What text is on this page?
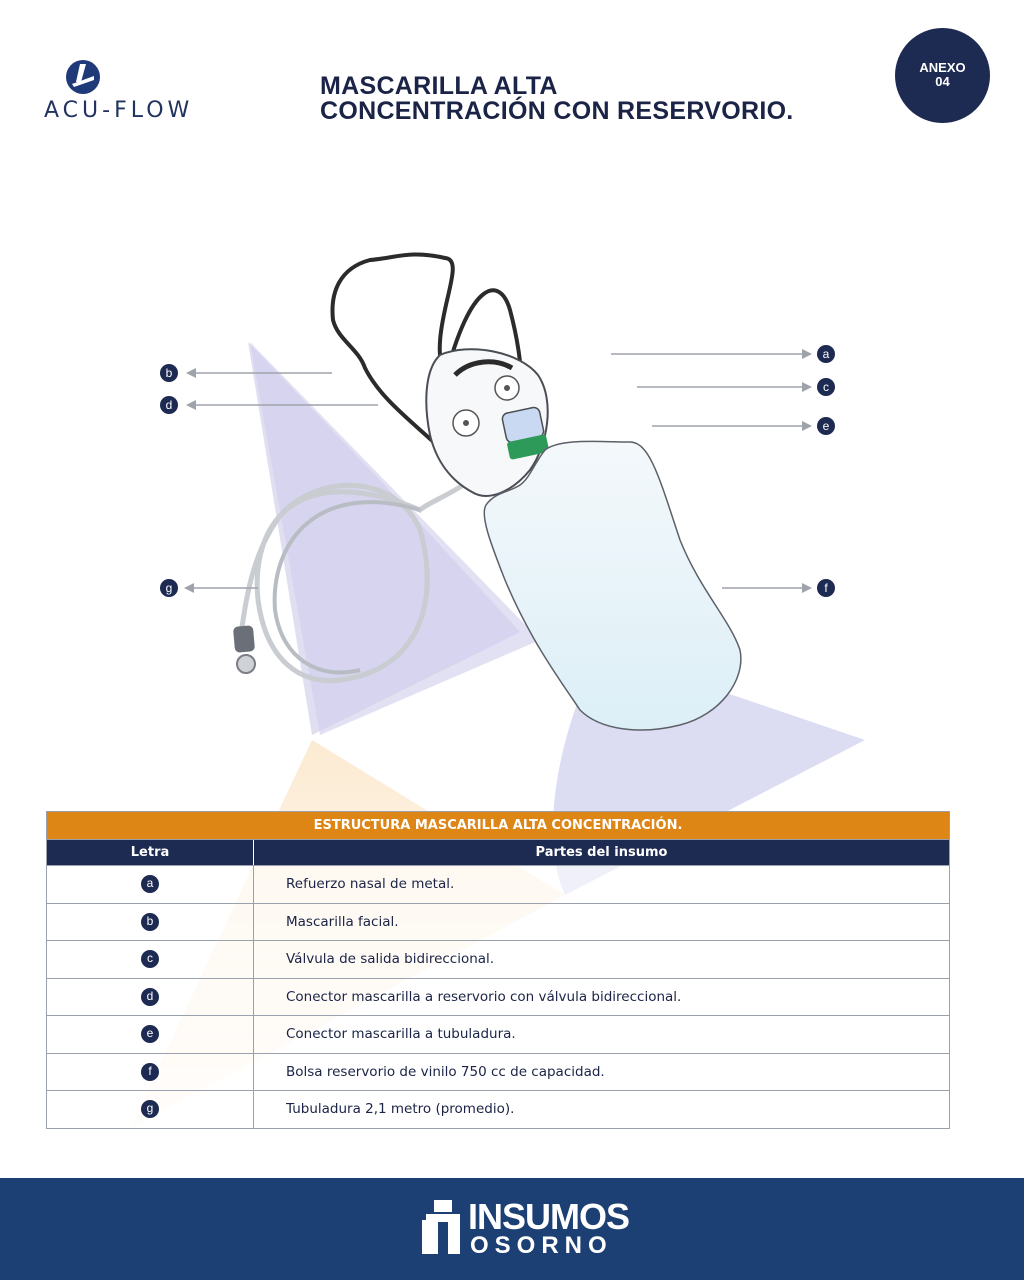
ACU-FLOW
MASCARILLA ALTA
CONCENTRACIÓN CON RESERVORIO.
ANEXO
04
b
d
g
a
c
e
f
ESTRUCTURA MASCARILLA ALTA CONCENTRACIÓN.	
Letra	Partes del insumo
a	Refuerzo nasal de metal.
b	Mascarilla facial.
c	Válvula de salida bidireccional.
d	Conector mascarilla a reservorio con válvula bidireccional.
e	Conector mascarilla a tubuladura.
f	Bolsa reservorio de vinilo 750 cc de capacidad.
g	Tubuladura 2,1 metro (promedio).
INSUMOS
OSORNO
